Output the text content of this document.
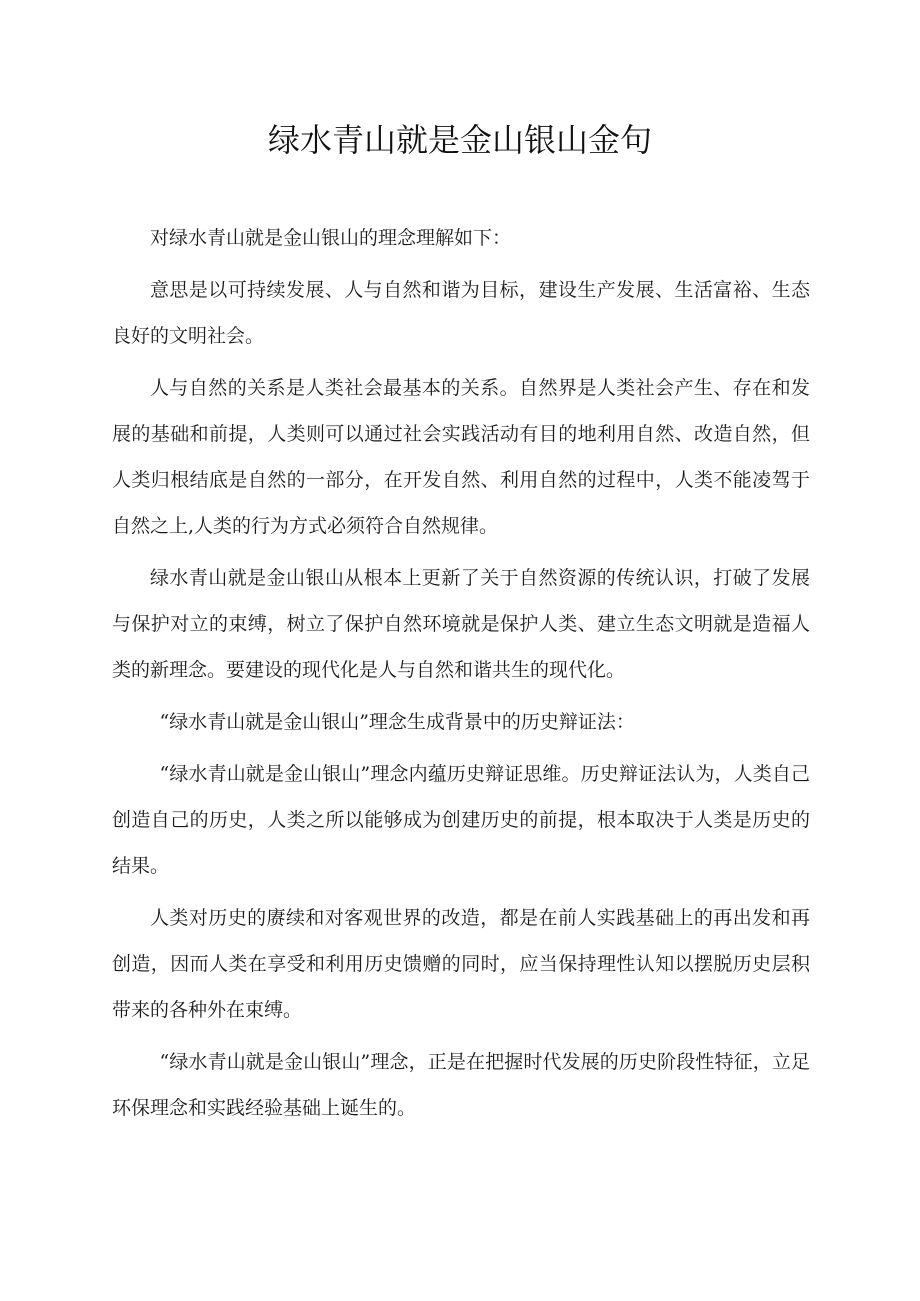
绿水青山就是金山银山金句

对绿水青山就是金山银山的理念理解如下：

意思是以可持续发展、人与自然和谐为目标，建设生产发展、生活富裕、生态良好的文明社会。

人与自然的关系是人类社会最基本的关系。自然界是人类社会产生、存在和发展的基础和前提，人类则可以通过社会实践活动有目的地利用自然、改造自然，但人类归根结底是自然的一部分，在开发自然、利用自然的过程中，人类不能凌驾于自然之上,人类的行为方式必须符合自然规律。

绿水青山就是金山银山从根本上更新了关于自然资源的传统认识，打破了发展与保护对立的束缚，树立了保护自然环境就是保护人类、建立生态文明就是造福人类的新理念。要建设的现代化是人与自然和谐共生的现代化。

“绿水青山就是金山银山”理念生成背景中的历史辩证法：

“绿水青山就是金山银山”理念内蕴历史辩证思维。历史辩证法认为，人类自己创造自己的历史，人类之所以能够成为创建历史的前提，根本取决于人类是历史的结果。

人类对历史的赓续和对客观世界的改造，都是在前人实践基础上的再出发和再创造，因而人类在享受和利用历史馈赠的同时，应当保持理性认知以摆脱历史层积带来的各种外在束缚。

“绿水青山就是金山银山”理念，正是在把握时代发展的历史阶段性特征，立足环保理念和实践经验基础上诞生的。
